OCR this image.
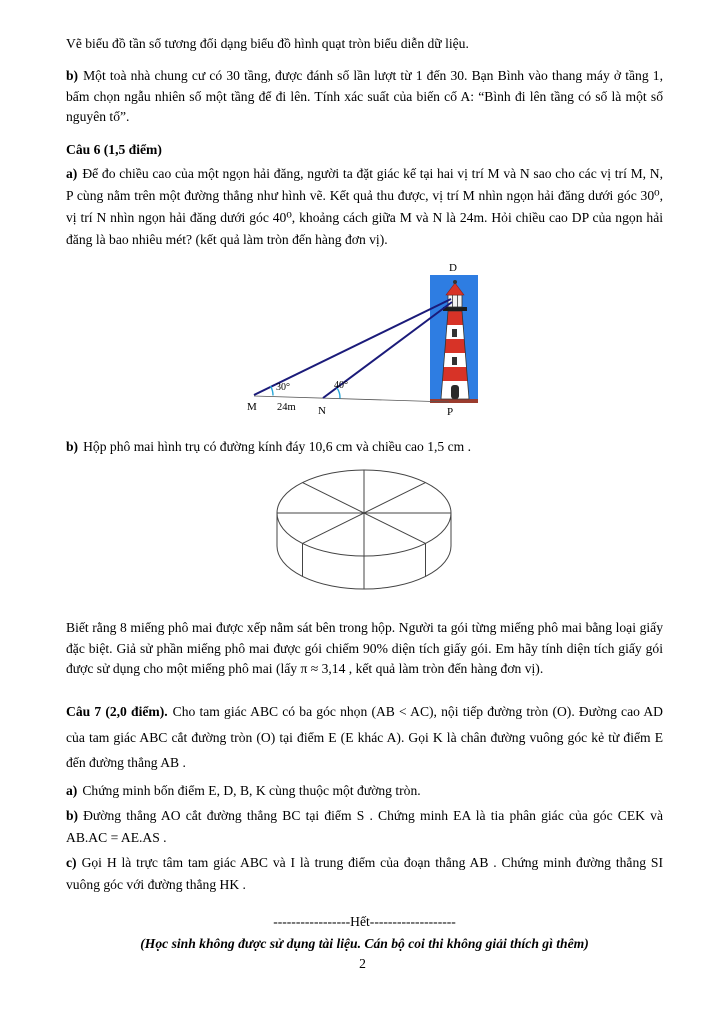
Vẽ biểu đồ tần số tương đối dạng biểu đồ hình quạt tròn biểu diễn dữ liệu.

b) Một toà nhà chung cư có 30 tầng, được đánh số lần lượt từ 1 đến 30. Bạn Bình vào thang máy ở tầng 1, bấm chọn ngẫu nhiên số một tầng để đi lên. Tính xác suất của biến cố A: “Bình đi lên tầng có số là một số nguyên tố”.

Câu 6 (1,5 điểm)

a) Để đo chiều cao của một ngọn hải đăng, người ta đặt giác kế tại hai vị trí M và N sao cho các vị trí M, N, P cùng nằm trên một đường thẳng như hình vẽ. Kết quả thu được, vị trí M nhìn ngọn hải đăng dưới góc 30⁰, vị trí N nhìn ngọn hải đăng dưới góc 40⁰, khoảng cách giữa M và N là 24m. Hỏi chiều cao DP của ngọn hải đăng là bao nhiêu mét? (kết quả làm tròn đến hàng đơn vị).

D
M 24m N	P
30°	40°

b) Hộp phô mai hình trụ có đường kính đáy 10,6 cm và chiều cao 1,5 cm .

Biết rằng 8 miếng phô mai được xếp nằm sát bên trong hộp. Người ta gói từng miếng phô mai bằng loại giấy đặc biệt. Giả sử phần miếng phô mai được gói chiếm 90% diện tích giấy gói. Em hãy tính diện tích giấy gói được sử dụng cho một miếng phô mai (lấy π ≈ 3,14 , kết quả làm tròn đến hàng đơn vị).

Câu 7 (2,0 điểm). Cho tam giác ABC có ba góc nhọn (AB < AC), nội tiếp đường tròn (O). Đường cao AD của tam giác ABC cắt đường tròn (O) tại điểm E (E khác A). Gọi K là chân đường vuông góc kẻ từ điểm E đến đường thẳng AB .

a) Chứng minh bốn điểm E, D, B, K cùng thuộc một đường tròn.

b) Đường thẳng AO cắt đường thẳng BC tại điểm S . Chứng minh EA là tia phân giác của góc CEK và AB.AC = AE.AS .

c) Gọi H là trực tâm tam giác ABC và I là trung điểm của đoạn thẳng AB . Chứng minh đường thẳng SI vuông góc với đường thẳng HK .

-----------------Hết-------------------
(Học sinh không được sử dụng tài liệu. Cán bộ coi thi không giải thích gì thêm)
2
